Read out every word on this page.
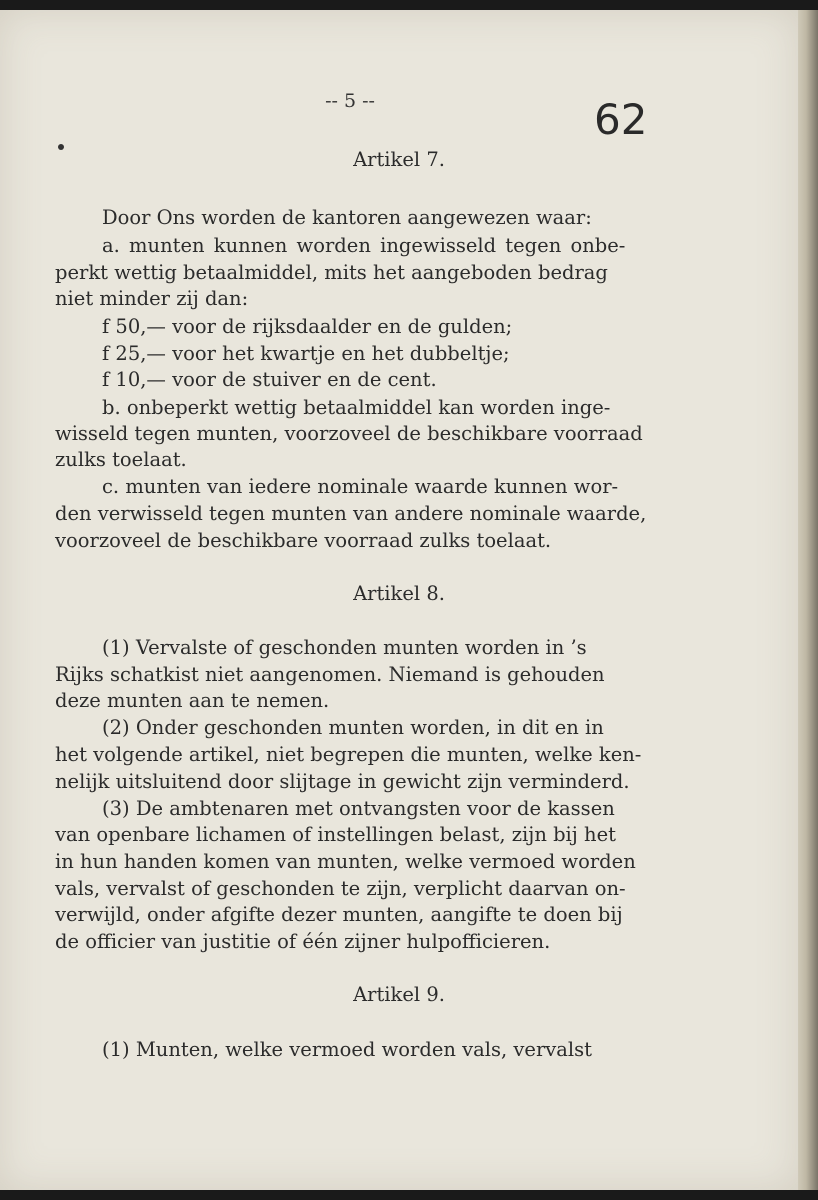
-- 5 --	62
Artikel 7.
Door Ons worden de kantoren aangewezen waar:
a. munten kunnen worden ingewisseld tegen onbe-
perkt wettig betaalmiddel, mits het aangeboden bedrag
niet minder zij dan:
f 50,— voor de rijksdaalder en de gulden;
f 25,— voor het kwartje en het dubbeltje;
f 10,— voor de stuiver en de cent.
b. onbeperkt wettig betaalmiddel kan worden inge-
wisseld tegen munten, voorzoveel de beschikbare voorraad
zulks toelaat.
c. munten van iedere nominale waarde kunnen wor-
den verwisseld tegen munten van andere nominale waarde,
voorzoveel de beschikbare voorraad zulks toelaat.
Artikel 8.
(1) Vervalste of geschonden munten worden in ’s
Rijks schatkist niet aangenomen. Niemand is gehouden
deze munten aan te nemen.
(2) Onder geschonden munten worden, in dit en in
het volgende artikel, niet begrepen die munten, welke ken-
nelijk uitsluitend door slijtage in gewicht zijn verminderd.
(3) De ambtenaren met ontvangsten voor de kassen
van openbare lichamen of instellingen belast, zijn bij het
in hun handen komen van munten, welke vermoed worden
vals, vervalst of geschonden te zijn, verplicht daarvan on-
verwijld, onder afgifte dezer munten, aangifte te doen bij
de officier van justitie of één zijner hulpofficieren.
Artikel 9.
(1) Munten, welke vermoed worden vals, vervalst
